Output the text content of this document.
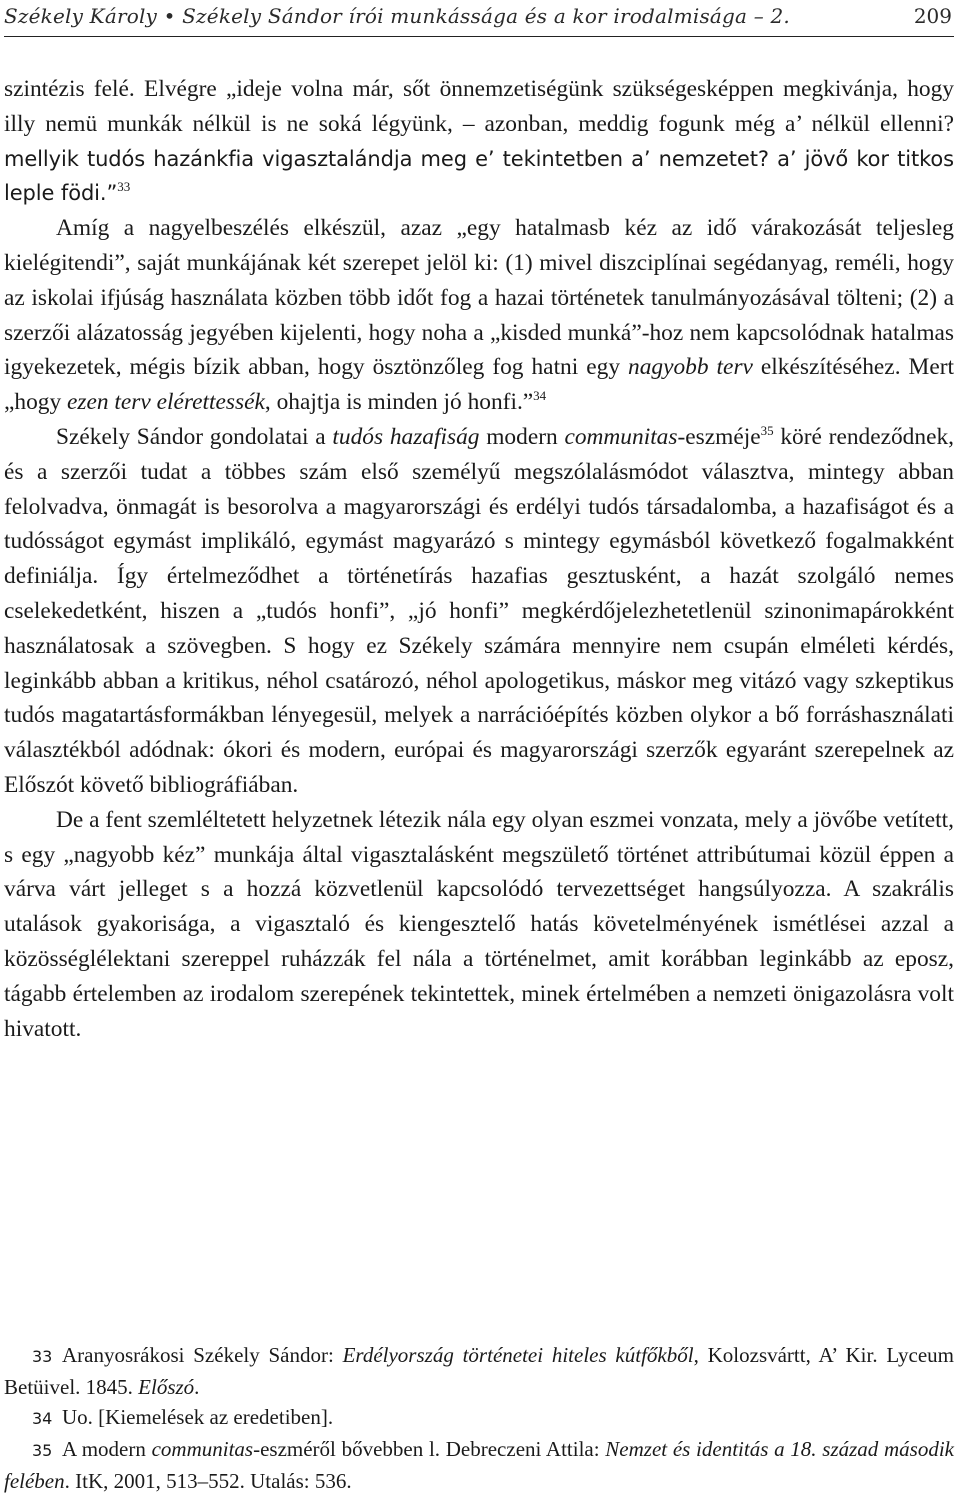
Székely Károly • Székely Sándor írói munkássága és a kor irodalmisága – 2.	209

szintézis felé. Elvégre „ideje volna már, sőt önnemzetiségünk szükségesképpen megkivánja, hogy illy nemü munkák nélkül is ne soká légyünk, – azonban, meddig fogunk még a’ nélkül ellenni? mellyik tudós hazánkfia vigasztalándja meg e’ tekintetben a’ nemzetet? a’ jövő kor titkos leple födi.”$^{33}$

Amíg a nagyelbeszélés elkészül, azaz „egy hatalmasb kéz az idő várakozását teljesleg kielégitendi”, saját munkájának két szerepet jelöl ki: (1) mivel diszciplínai segédanyag, reméli, hogy az iskolai ifjúság használata közben több időt fog a hazai történetek tanulmányozásával tölteni; (2) a szerzői alázatosság jegyében kijelenti, hogy noha a „kisded munká”-hoz nem kapcsolódnak hatalmas igyekezetek, mégis bízik abban, hogy ösztönzőleg fog hatni egy nagyobb terv elkészítéséhez. Mert „hogy ezen terv elérettessék, ohajtja is minden jó honfi.”$^{34}$

Székely Sándor gondolatai a tudós hazafiság modern communitas-eszméje$^{35}$ köré rendeződnek, és a szerzői tudat a többes szám első személyű megszólalásmódot választva, mintegy abban felolvadva, önmagát is besorolva a magyarországi és erdélyi tudós társadalomba, a hazafiságot és a tudósságot egymást implikáló, egymást magyarázó s mintegy egymásból következő fogalmakként definiálja. Így értelmeződhet a történetírás hazafias gesztusként, a hazát szolgáló nemes cselekedetként, hiszen a „tudós honfi”, „jó honfi” megkérdőjelezhetetlenül szinonimapárokként használatosak a szövegben. S hogy ez Székely számára mennyire nem csupán elméleti kérdés, leginkább abban a kritikus, néhol csatározó, néhol apologetikus, máskor meg vitázó vagy szkeptikus tudós magatartásformákban lényegesül, melyek a narrációépítés közben olykor a bő forráshasználati választékból adódnak: ókori és modern, európai és magyarországi szerzők egyaránt szerepelnek az Előszót követő bibliográfiában.

De a fent szemléltetett helyzetnek létezik nála egy olyan eszmei vonzata, mely a jövőbe vetített, s egy „nagyobb kéz” munkája által vigasztalásként megszülető történet attribútumai közül éppen a várva várt jelleget s a hozzá közvetlenül kapcsolódó tervezettséget hangsúlyozza. A szakrális utalások gyakorisága, a vigasztaló és kiengesztelő hatás követelményének ismétlései azzal a közösséglélektani szereppel ruházzák fel nála a történelmet, amit korábban leginkább az eposz, tágabb értelemben az irodalom szerepének tekintettek, minek értelmében a nemzeti önigazolásra volt hivatott.

33 Aranyosrákosi Székely Sándor: Erdélyország történetei hiteles kútfőkből, Kolozsvártt, A’ Kir. Lyceum Betüivel. 1845. Előszó.

34 Uo. [Kiemelések az eredetiben].

35 A modern communitas-eszméről bővebben l. Debreczeni Attila: Nemzet és identitás a 18. század második felében. ItK, 2001, 513–552. Utalás: 536.
